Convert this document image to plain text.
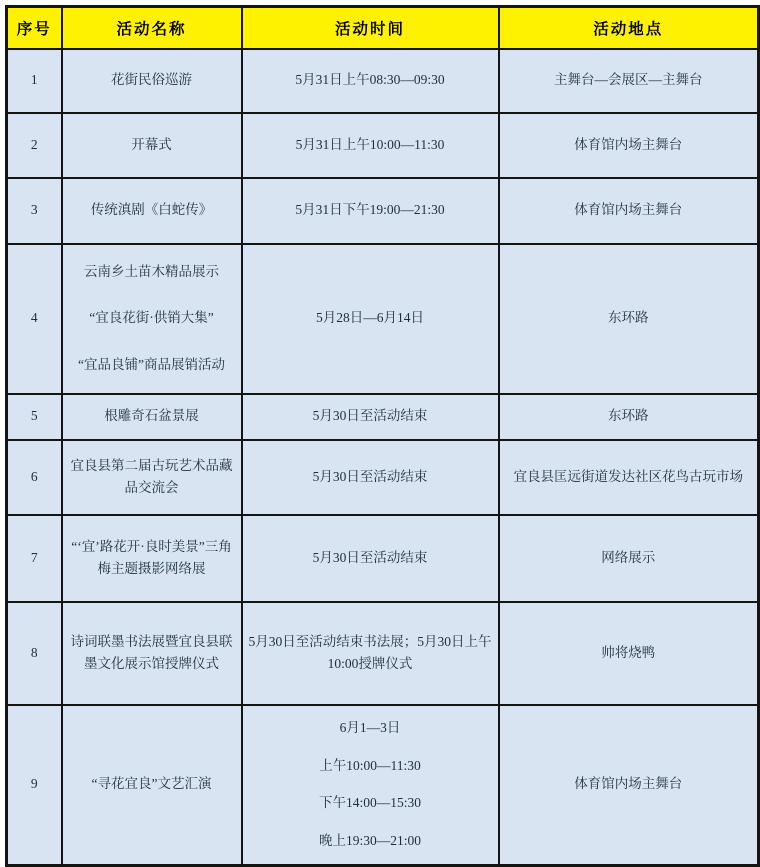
序号	活动名称	活动时间	活动地点
1	花街民俗巡游	5月31日上午08:30—09:30	主舞台—会展区—主舞台
2	开幕式	5月31日上午10:00—11:30	体育馆内场主舞台
3	传统滇剧《白蛇传》	5月31日下午19:00—21:30	体育馆内场主舞台
4	云南乡土苗木精品展示
“宜良花街·供销大集”
“宜品良铺”商品展销活动	5月28日—6月14日	东环路
5	根雕奇石盆景展	5月30日至活动结束	东环路
6	宜良县第二届古玩艺术品藏品交流会	5月30日至活动结束	宜良县匡远街道发达社区花鸟古玩市场
7	“‘宜’路花开·良时美景”三角梅主题摄影网络展	5月30日至活动结束	网络展示
8	诗词联墨书法展暨宜良县联墨文化展示馆授牌仪式	5月30日至活动结束书法展；5月30日上午10:00授牌仪式	帅将烧鸭
9	“寻花宜良”文艺汇演	6月1—3日
上午10:00—11:30
下午14:00—15:30
晚上19:30—21:00	体育馆内场主舞台
